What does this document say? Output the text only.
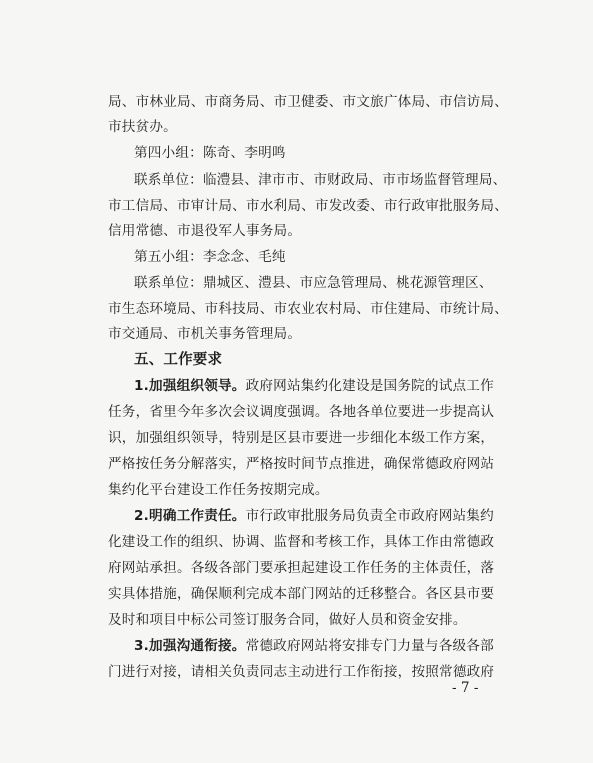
局、市林业局、市商务局、市卫健委、市文旅广体局、市信访局、
市扶贫办。
第四小组：陈奇、李明鸣
联系单位：临澧县、津市市、市财政局、市市场监督管理局、
市工信局、市审计局、市水利局、市发改委、市行政审批服务局、
信用常德、市退役军人事务局。
第五小组：李念念、毛纯
联系单位：鼎城区、澧县、市应急管理局、桃花源管理区、
市生态环境局、市科技局、市农业农村局、市住建局、市统计局、
市交通局、市机关事务管理局。
五、工作要求
1.加强组织领导。政府网站集约化建设是国务院的试点工作
任务，省里今年多次会议调度强调。各地各单位要进一步提高认
识，加强组织领导，特别是区县市要进一步细化本级工作方案，
严格按任务分解落实，严格按时间节点推进，确保常德政府网站
集约化平台建设工作任务按期完成。
2.明确工作责任。市行政审批服务局负责全市政府网站集约
化建设工作的组织、协调、监督和考核工作，具体工作由常德政
府网站承担。各级各部门要承担起建设工作任务的主体责任，落
实具体措施，确保顺利完成本部门网站的迁移整合。各区县市要
及时和项目中标公司签订服务合同，做好人员和资金安排。
3.加强沟通衔接。常德政府网站将安排专门力量与各级各部
门进行对接，请相关负责同志主动进行工作衔接，按照常德政府
- 7 -
